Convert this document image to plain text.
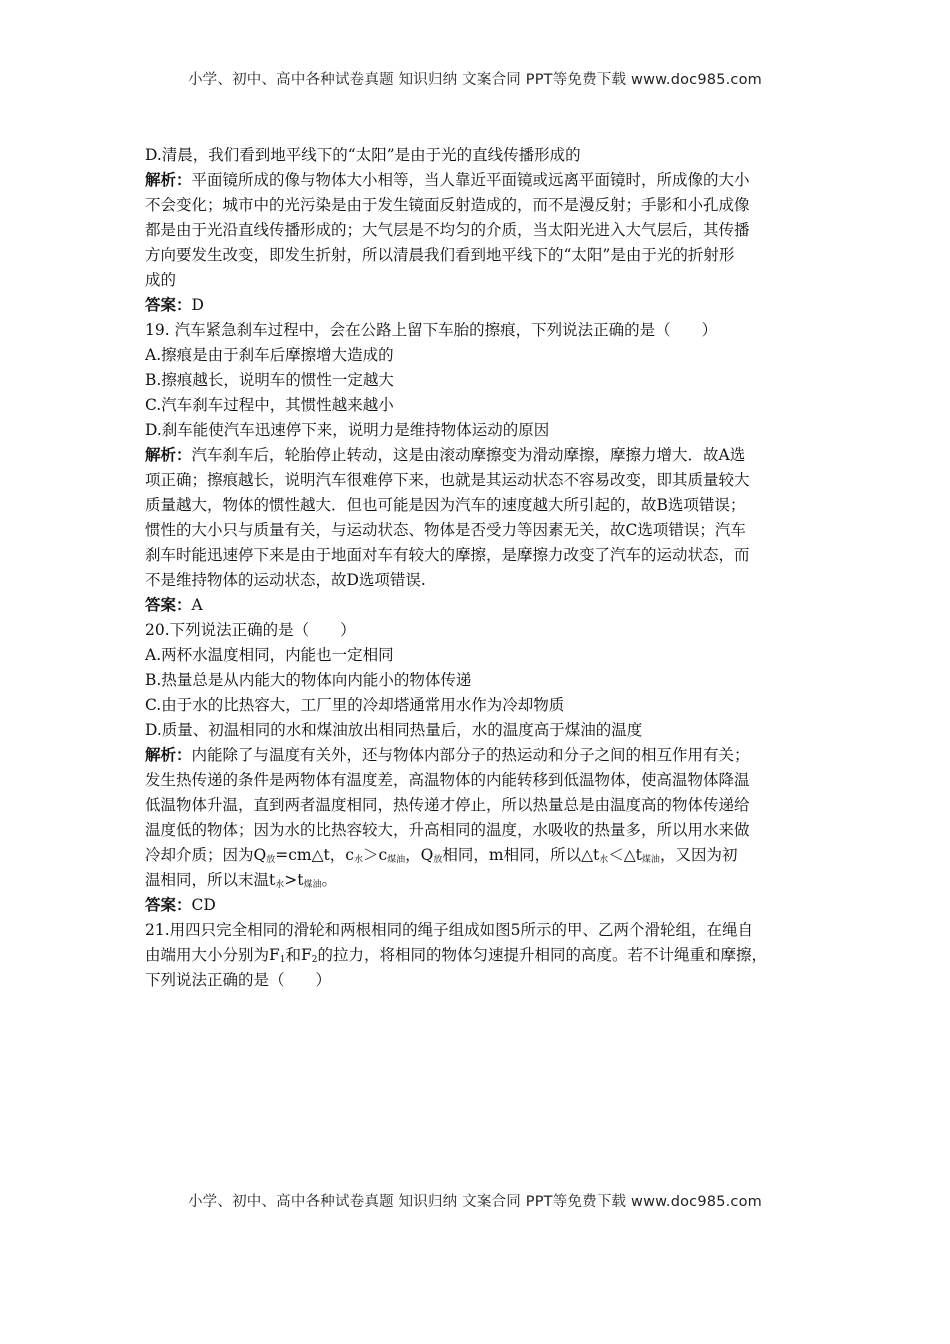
小学、初中、高中各种试卷真题 知识归纳 文案合同 PPT等免费下载 www.doc985.com
D.清晨，我们看到地平线下的“太阳”是由于光的直线传播形成的
解析：平面镜所成的像与物体大小相等，当人靠近平面镜或远离平面镜时，所成像的大小
不会变化；城市中的光污染是由于发生镜面反射造成的，而不是漫反射；手影和小孔成像
都是由于光沿直线传播形成的；大气层是不均匀的介质，当太阳光进入大气层后，其传播
方向要发生改变，即发生折射，所以清晨我们看到地平线下的“太阳”是由于光的折射形
成的
答案：D
19. 汽车紧急刹车过程中，会在公路上留下车胎的擦痕，下列说法正确的是（　　）
A.擦痕是由于刹车后摩擦增大造成的
B.擦痕越长，说明车的惯性一定越大
C.汽车刹车过程中，其惯性越来越小
D.刹车能使汽车迅速停下来，说明力是维持物体运动的原因
解析：汽车刹车后，轮胎停止转动，这是由滚动摩擦变为滑动摩擦，摩擦力增大．故A选
项正确；擦痕越长，说明汽车很难停下来，也就是其运动状态不容易改变，即其质量较大
质量越大，物体的惯性越大．但也可能是因为汽车的速度越大所引起的，故B选项错误；
惯性的大小只与质量有关，与运动状态、物体是否受力等因素无关，故C选项错误；汽车
刹车时能迅速停下来是由于地面对车有较大的摩擦，是摩擦力改变了汽车的运动状态，而
不是维持物体的运动状态，故D选项错误.
答案：A
20.下列说法正确的是（　　）
A.两杯水温度相同，内能也一定相同
B.热量总是从内能大的物体向内能小的物体传递
C.由于水的比热容大，工厂里的冷却塔通常用水作为冷却物质
D.质量、初温相同的水和煤油放出相同热量后，水的温度高于煤油的温度
解析：内能除了与温度有关外，还与物体内部分子的热运动和分子之间的相互作用有关；
发生热传递的条件是两物体有温度差，高温物体的内能转移到低温物体，使高温物体降温
低温物体升温，直到两者温度相同，热传递才停止，所以热量总是由温度高的物体传递给
温度低的物体；因为水的比热容较大，升高相同的温度，水吸收的热量多，所以用水来做
冷却介质；因为$Q_放=cm\triangle t$，$c_水>c_{煤油}$，$Q_放$相同，m相同，所以$\triangle t_水<\triangle t_{煤油}$，又因为初
温相同，所以末温$t_水>t_{煤油}$。
答案：CD
21.用四只完全相同的滑轮和两根相同的绳子组成如图5所示的甲、乙两个滑轮组，在绳自
由端用大小分别为$F_1$和$F_2$的拉力，将相同的物体匀速提升相同的高度。若不计绳重和摩擦，
下列说法正确的是（　　）
小学、初中、高中各种试卷真题 知识归纳 文案合同 PPT等免费下载 www.doc985.com
